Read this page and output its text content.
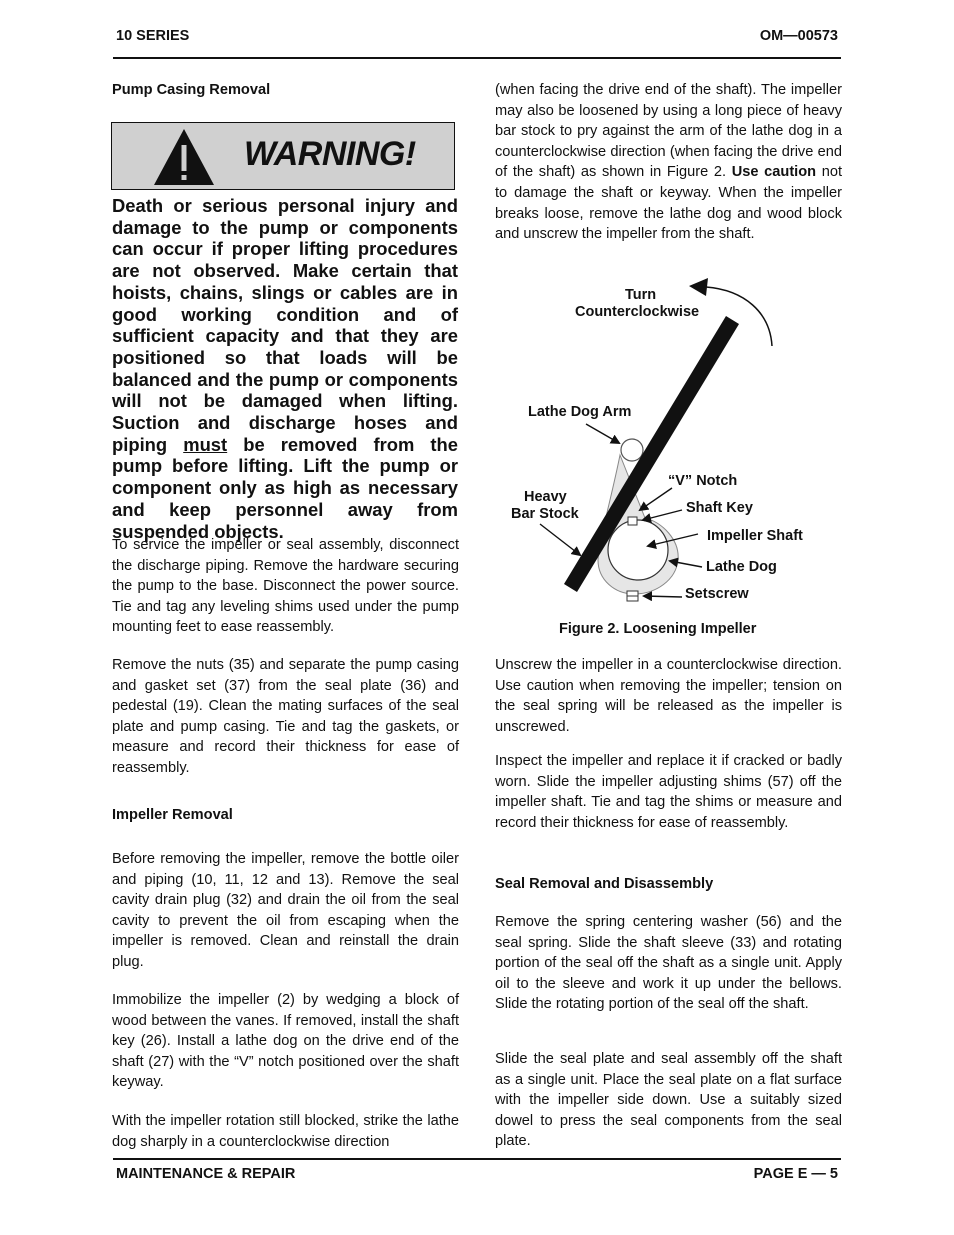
10 SERIES	OM—00573
Pump Casing Removal
WARNING!
Death or serious personal injury and damage to the pump or components can occur if proper lifting procedures are not observed. Make certain that hoists, chains, slings or cables are in good working condition and of sufficient capacity and that they are positioned so that loads will be balanced and the pump or components will not be damaged when lifting. Suction and discharge hoses and piping must be removed from the pump before lifting. Lift the pump or component only as high as necessary and keep personnel away from suspended objects.

To service the impeller or seal assembly, disconnect the discharge piping. Remove the hardware securing the pump to the base. Disconnect the power source. Tie and tag any leveling shims used under the pump mounting feet to ease reassembly.

Remove the nuts (35) and separate the pump casing and gasket set (37) from the seal plate (36) and pedestal (19). Clean the mating surfaces of the seal plate and pump casing. Tie and tag the gaskets, or measure and record their thickness for ease of reassembly.

Impeller Removal

Before removing the impeller, remove the bottle oiler and piping (10, 11, 12 and 13). Remove the seal cavity drain plug (32) and drain the oil from the seal cavity to prevent the oil from escaping when the impeller is removed. Clean and reinstall the drain plug.

Immobilize the impeller (2) by wedging a block of wood between the vanes. If removed, install the shaft key (26). Install a lathe dog on the drive end of the shaft (27) with the “V” notch positioned over the shaft keyway.

With the impeller rotation still blocked, strike the lathe dog sharply in a counterclockwise direction

(when facing the drive end of the shaft). The impeller may also be loosened by using a long piece of heavy bar stock to pry against the arm of the lathe dog in a counterclockwise direction (when facing the drive end of the shaft) as shown in Figure 2. Use caution not to damage the shaft or keyway. When the impeller breaks loose, remove the lathe dog and wood block and unscrew the impeller from the shaft.

Turn
Counterclockwise
Lathe Dog Arm
“V” Notch
Heavy
Bar Stock	Shaft Key
Impeller Shaft
Lathe Dog
Setscrew
Figure 2. Loosening Impeller

Unscrew the impeller in a counterclockwise direction. Use caution when removing the impeller; tension on the seal spring will be released as the impeller is unscrewed.

Inspect the impeller and replace it if cracked or badly worn. Slide the impeller adjusting shims (57) off the impeller shaft. Tie and tag the shims or measure and record their thickness for ease of reassembly.

Seal Removal and Disassembly

Remove the spring centering washer (56) and the seal spring. Slide the shaft sleeve (33) and rotating portion of the seal off the shaft as a single unit. Apply oil to the sleeve and work it up under the bellows. Slide the rotating portion of the seal off the shaft.

Slide the seal plate and seal assembly off the shaft as a single unit. Place the seal plate on a flat surface with the impeller side down. Use a suitably sized dowel to press the seal components from the seal plate.

MAINTENANCE & REPAIR	PAGE E — 5
